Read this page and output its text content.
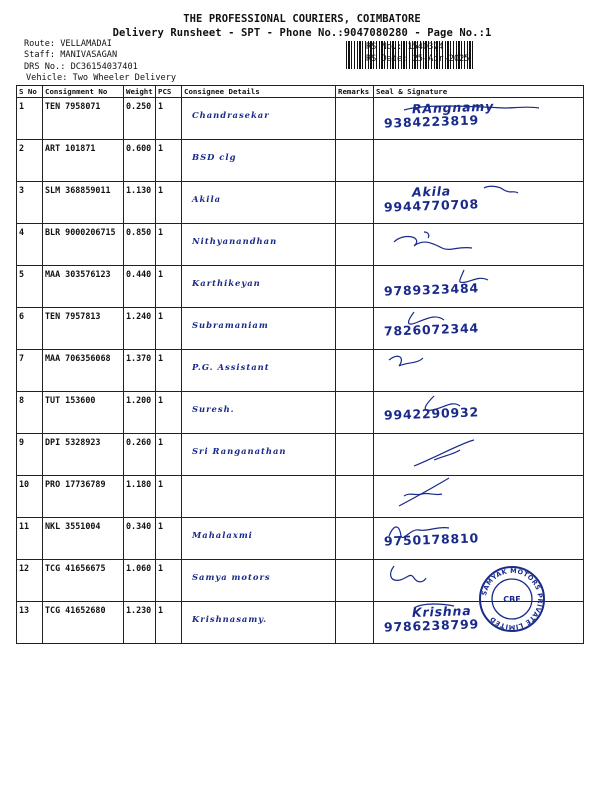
THE PROFESSIONAL COURIERS, COIMBATORE
Delivery Runsheet - SPT - Phone No.:9047080280 - Page No.:1
Route: VELLAMADAI
Staff: MANIVASAGAN
DRS No.: DC36154037401
Vehicle: Two Wheeler Delivery
RS No.: 1540374
RS Date: 25-Apr-2025
S No	Consignment No	Weight	PCS	Consignee Details	Remarks	Seal & Signature
1	TEN 7958071	0.250	1	Chandrasekar		RAngnamy
9384223819

2	ART 101871	0.600	1	BSD clg

3	SLM 368859011	1.130	1	Akila		Akila
9944770708

4	BLR 9000206715	0.850	1	Nithyanandhan

5	MAA 303576123	0.440	1	Karthikeyan		9789323484

6	TEN 7957813	1.240	1	Subramaniam		7826072344

7	MAA 706356068	1.370	1	P.G. Assistant

8	TUT 153600	1.200	1	Suresh.		9942290932

9	DPI 5328923	0.260	1	Sri Ranganathan

10	PRO 17736789	1.180	1	

11	NKL 3551004	0.340	1	Mahalaxmi		9750178810

12	TCG 41656675	1.060	1	Samya motors

13	TCG 41652680	1.230	1	Krishnasamy.		Krishna
9786238799
SAMYAK MOTORS PRIVATE LIMITED
CBE
